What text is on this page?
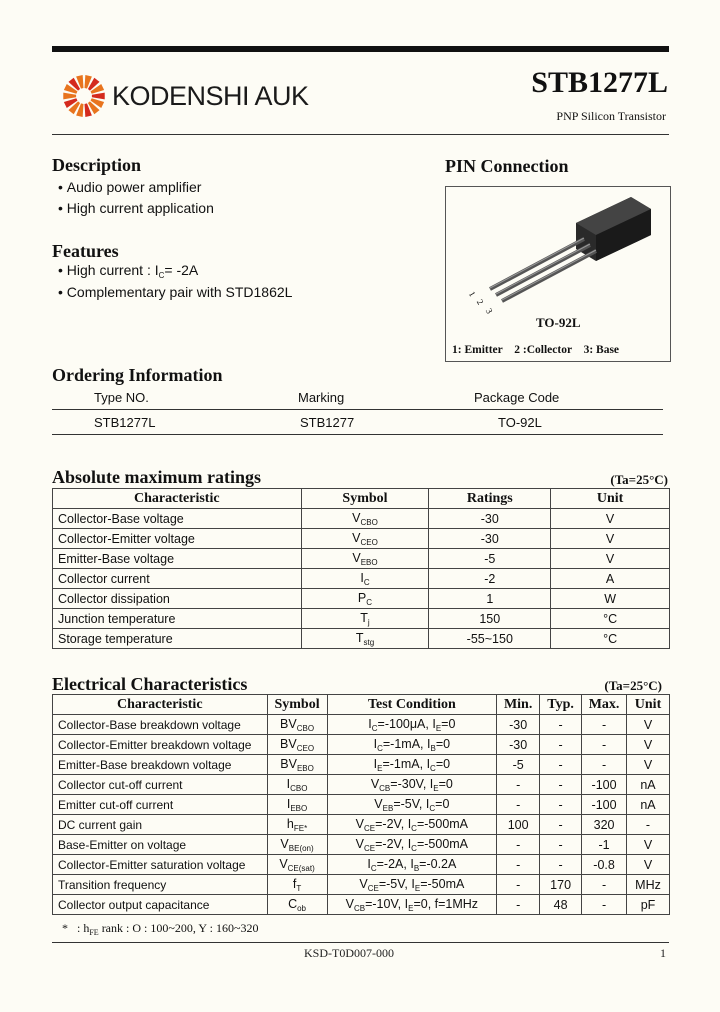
KODENSHI AUK	STB1277L
PNP Silicon Transistor
Description
• Audio power amplifier
• High current application
Features
• High current : $I_C= -2A$
• Complementary pair with STD1862L
PIN Connection
1
2
3
TO-92L
1: Emitter 2 :Collector 3: Base
Ordering Information
Type NO.	Marking	Package Code
STB1277L	STB1277	TO-92L
Absolute maximum ratings	(Ta=25°C)
Characteristic	Symbol	Ratings	Unit
Collector-Base voltage	$V_{CBO}$	-30	V
Collector-Emitter voltage	$V_{CEO}$	-30	V
Emitter-Base voltage	$V_{EBO}$	-5	V
Collector current	$I_C$	-2	A
Collector dissipation	$P_C$	1	W
Junction temperature	$T_j$	150	°C
Storage temperature	$T_{stg}$	-55~150	°C
Electrical Characteristics	(Ta=25°C)
Characteristic	Symbol	Test Condition	Min.	Typ.	Max.	Unit
Collector-Base breakdown voltage	$BV_{CBO}$	$I_C=-100\mu A$, $I_E=0$	-30	-	-	V
Collector-Emitter breakdown voltage	$BV_{CEO}$	$I_C=-1mA$, $I_B=0$	-30	-	-	V
Emitter-Base breakdown voltage	$BV_{EBO}$	$I_E=-1mA$, $I_C=0$	-5	-	-	V
Collector cut-off current	$I_{CBO}$	$V_{CB}=-30V$, $I_E=0$	-	-	-100	nA
Emitter cut-off current	$I_{EBO}$	$V_{EB}=-5V$, $I_C=0$	-	-	-100	nA
DC current gain	$h_{FE*}$	$V_{CE}=-2V$, $I_C=-500mA$	100	-	320	-
Base-Emitter on voltage	$V_{BE(on)}$	$V_{CE}=-2V$, $I_C=-500mA$	-	-	-1	V
Collector-Emitter saturation voltage	$V_{CE(sat)}$	$I_C=-2A$, $I_B=-0.2A$	-	-	-0.8	V
Transition frequency	$f_T$	$V_{CE}=-5V$, $I_E=-50mA$	-	170	-	MHz
Collector output capacitance	$C_{ob}$	$V_{CB}=-10V$, $I_E=0$, f=1MHz	-	48	-	pF
*   : $h_{FE}$ rank : O : 100~200, Y : 160~320
KSD-T0D007-000	1
